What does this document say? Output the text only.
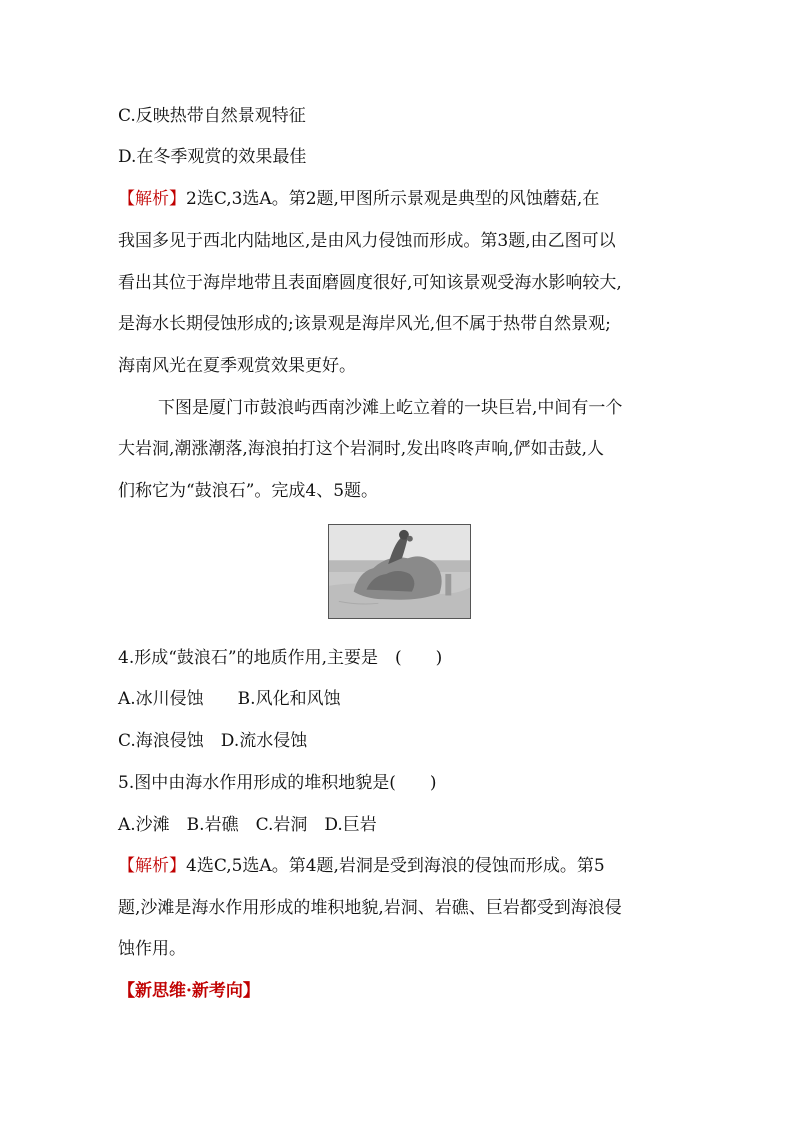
C.反映热带自然景观特征
D.在冬季观赏的效果最佳
【解析】2选C,3选A。第2题,甲图所示景观是典型的风蚀蘑菇,在
我国多见于西北内陆地区,是由风力侵蚀而形成。第3题,由乙图可以
看出其位于海岸地带且表面磨圆度很好,可知该景观受海水影响较大,
是海水长期侵蚀形成的;该景观是海岸风光,但不属于热带自然景观;
海南风光在夏季观赏效果更好。
下图是厦门市鼓浪屿西南沙滩上屹立着的一块巨岩,中间有一个
大岩洞,潮涨潮落,海浪拍打这个岩洞时,发出咚咚声响,俨如击鼓,人
们称它为“鼓浪石”。完成4、5题。
4.形成“鼓浪石”的地质作用,主要是　(　　)
A.冰川侵蚀　　B.风化和风蚀
C.海浪侵蚀　D.流水侵蚀
5.图中由海水作用形成的堆积地貌是(　　)
A.沙滩　B.岩礁　C.岩洞　D.巨岩
【解析】4选C,5选A。第4题,岩洞是受到海浪的侵蚀而形成。第5
题,沙滩是海水作用形成的堆积地貌,岩洞、岩礁、巨岩都受到海浪侵
蚀作用。
【新思维·新考向】
